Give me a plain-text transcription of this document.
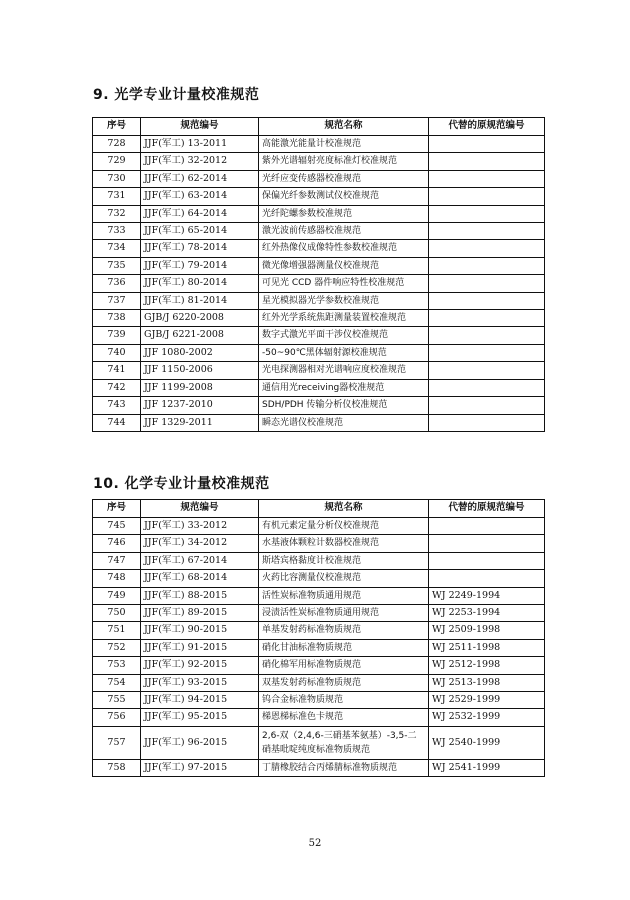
9. 光学专业计量校准规范
序号	规范编号	规范名称	代替的原规范编号
728	JJF(军工) 13-2011	高能激光能量计校准规范	
729	JJF(军工) 32-2012	紫外光谱辐射亮度标准灯校准规范	
730	JJF(军工) 62-2014	光纤应变传感器校准规范	
731	JJF(军工) 63-2014	保偏光纤参数测试仪校准规范	
732	JJF(军工) 64-2014	光纤陀螺参数校准规范	
733	JJF(军工) 65-2014	激光波前传感器校准规范	
734	JJF(军工) 78-2014	红外热像仪成像特性参数校准规范	
735	JJF(军工) 79-2014	微光像增强器测量仪校准规范	
736	JJF(军工) 80-2014	可见光 CCD 器件响应特性校准规范	
737	JJF(军工) 81-2014	星光模拟器光学参数校准规范	
738	GJB/J 6220-2008	红外光学系统焦距测量装置校准规范	
739	GJB/J 6221-2008	数字式激光平面干涉仪校准规范	
740	JJF 1080-2002	-50~90℃黑体辐射源校准规范	
741	JJF 1150-2006	光电探测器相对光谱响应度校准规范	
742	JJF 1199-2008	通信用光receiving器校准规范	
743	JJF 1237-2010	SDH/PDH 传输分析仪校准规范	
744	JJF 1329-2011	瞬态光谱仪校准规范	
10. 化学专业计量校准规范
序号	规范编号	规范名称	代替的原规范编号
745	JJF(军工) 33-2012	有机元素定量分析仪校准规范	
746	JJF(军工) 34-2012	水基液体颗粒计数器校准规范	
747	JJF(军工) 67-2014	斯塔宾格黏度计校准规范	
748	JJF(军工) 68-2014	火药比容测量仪校准规范	
749	JJF(军工) 88-2015	活性炭标准物质通用规范	WJ 2249-1994
750	JJF(军工) 89-2015	浸渍活性炭标准物质通用规范	WJ 2253-1994
751	JJF(军工) 90-2015	单基发射药标准物质规范	WJ 2509-1998
752	JJF(军工) 91-2015	硝化甘油标准物质规范	WJ 2511-1998
753	JJF(军工) 92-2015	硝化棉军用标准物质规范	WJ 2512-1998
754	JJF(军工) 93-2015	双基发射药标准物质规范	WJ 2513-1998
755	JJF(军工) 94-2015	钨合金标准物质规范	WJ 2529-1999
756	JJF(军工) 95-2015	梯恩梯标准色卡规范	WJ 2532-1999
757	JJF(军工) 96-2015	2,6-双（2,4,6-三硝基苯氨基）-3,5-二硝基吡啶纯度标准物质规范	WJ 2540-1999
758	JJF(军工) 97-2015	丁腈橡胶结合丙烯腈标准物质规范	WJ 2541-1999
52
